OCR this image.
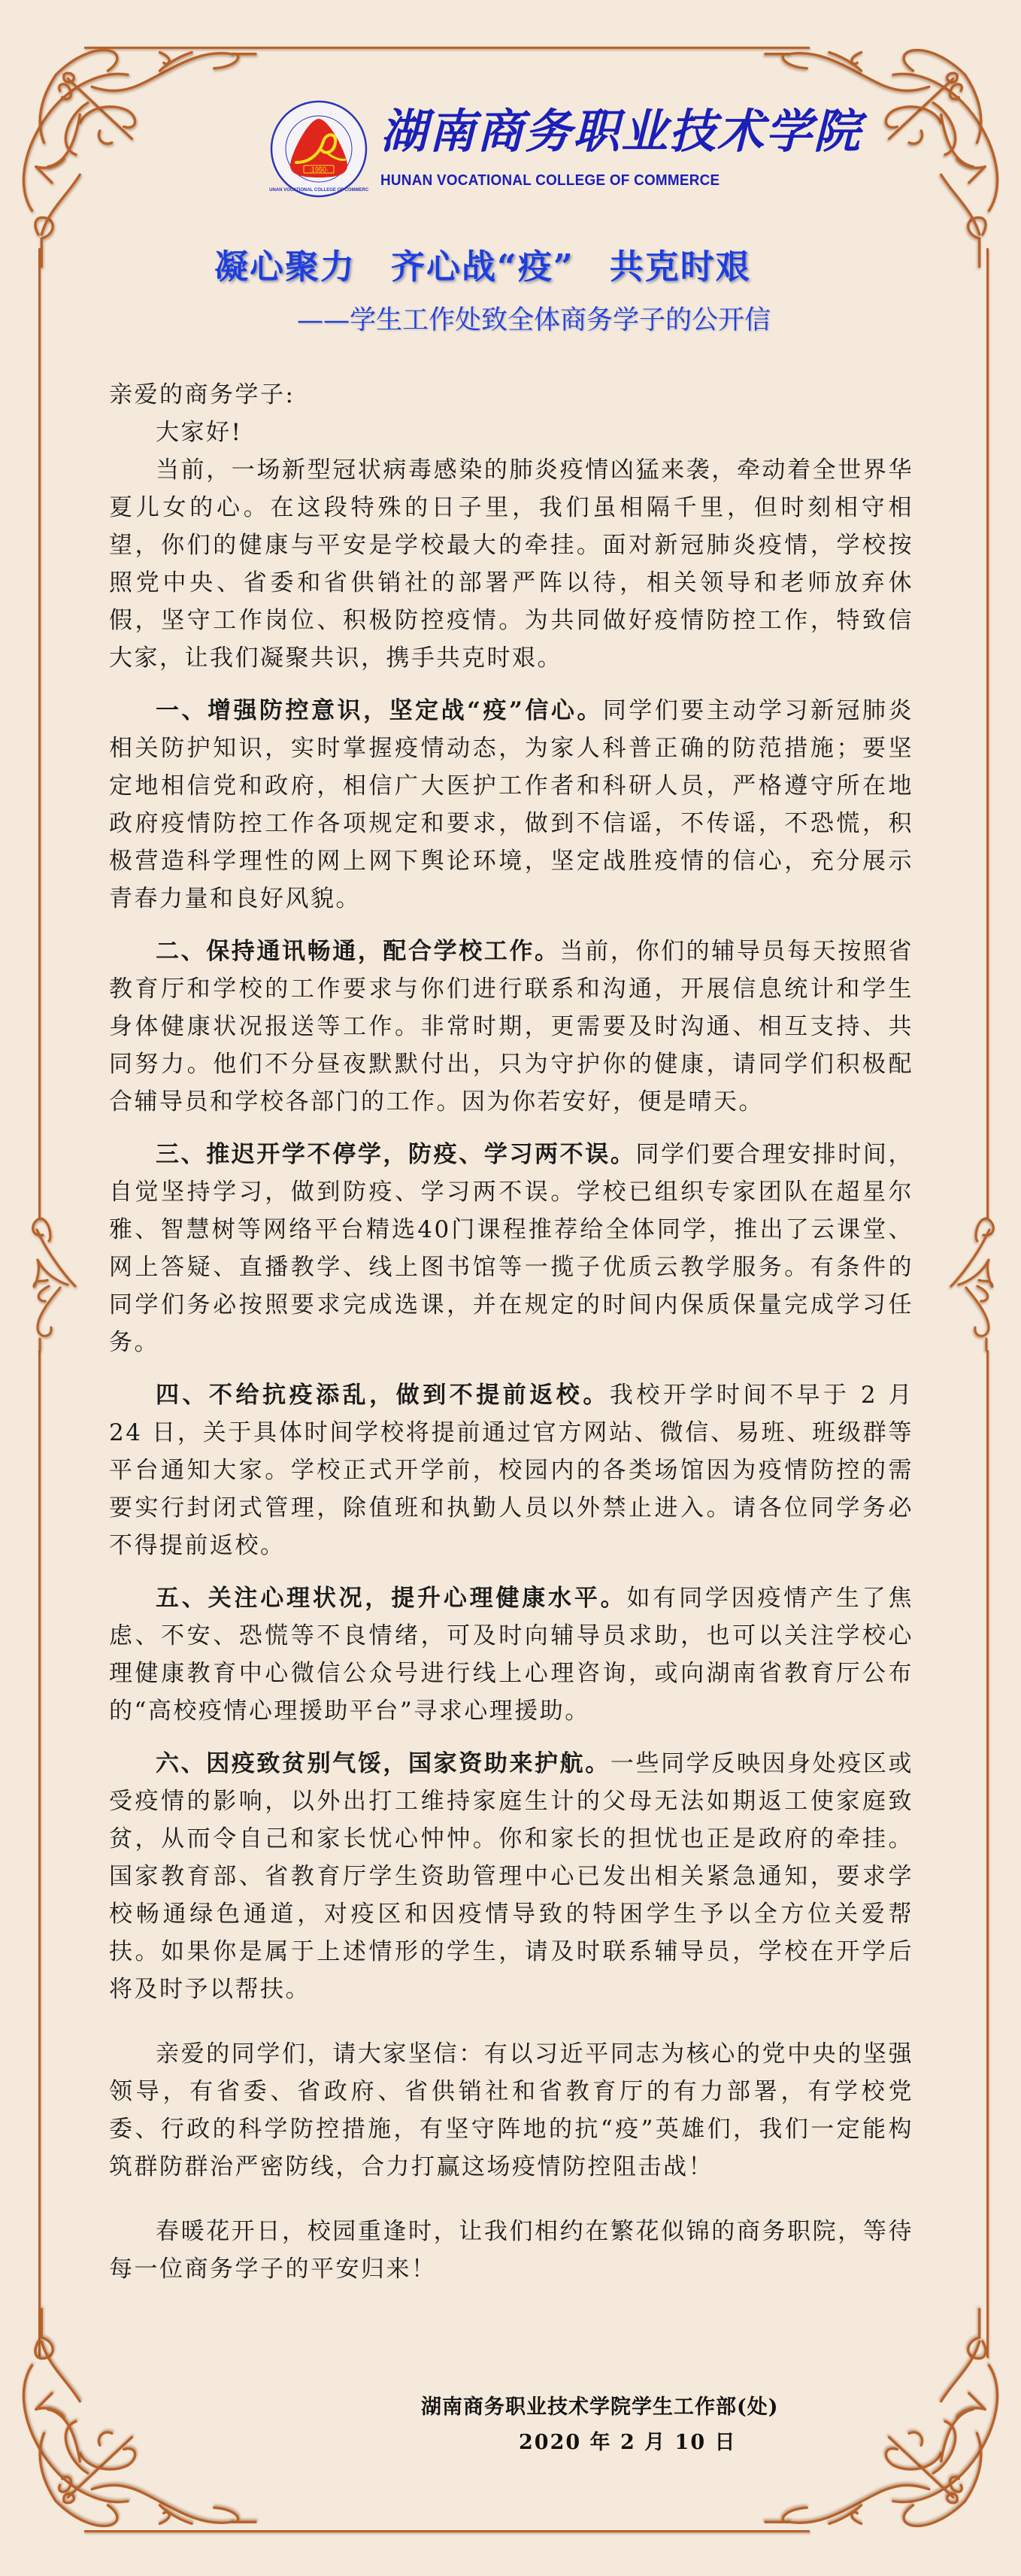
·1950·
HUNAN VOCATIONAL COLLEGE OF COMMERCE
湖南商务职业技术学院
HUNAN VOCATIONAL COLLEGE OF COMMERCE
凝心聚力　齐心战“疫”　共克时艰
——学生工作处致全体商务学子的公开信

亲爱的商务学子:

大家好!

当前，一场新型冠状病毒感染的肺炎疫情凶猛来袭，牵动着全世界华夏儿女的心。在这段特殊的日子里，我们虽相隔千里，但时刻相守相望，你们的健康与平安是学校最大的牵挂。面对新冠肺炎疫情，学校按照党中央、省委和省供销社的部署严阵以待，相关领导和老师放弃休假，坚守工作岗位、积极防控疫情。为共同做好疫情防控工作，特致信大家，让我们凝聚共识，携手共克时艰。

一、增强防控意识，坚定战“疫”信心。同学们要主动学习新冠肺炎相关防护知识，实时掌握疫情动态，为家人科普正确的防范措施；要坚定地相信党和政府，相信广大医护工作者和科研人员，严格遵守所在地政府疫情防控工作各项规定和要求，做到不信谣，不传谣，不恐慌，积极营造科学理性的网上网下舆论环境，坚定战胜疫情的信心，充分展示青春力量和良好风貌。

二、保持通讯畅通，配合学校工作。当前，你们的辅导员每天按照省教育厅和学校的工作要求与你们进行联系和沟通，开展信息统计和学生身体健康状况报送等工作。非常时期，更需要及时沟通、相互支持、共同努力。他们不分昼夜默默付出，只为守护你的健康，请同学们积极配合辅导员和学校各部门的工作。因为你若安好，便是晴天。

三、推迟开学不停学，防疫、学习两不误。同学们要合理安排时间，自觉坚持学习，做到防疫、学习两不误。学校已组织专家团队在超星尔雅、智慧树等网络平台精选40门课程推荐给全体同学，推出了云课堂、网上答疑、直播教学、线上图书馆等一揽子优质云教学服务。有条件的同学们务必按照要求完成选课，并在规定的时间内保质保量完成学习任务。

四、不给抗疫添乱，做到不提前返校。我校开学时间不早于 2 月 24 日，关于具体时间学校将提前通过官方网站、微信、易班、班级群等平台通知大家。学校正式开学前，校园内的各类场馆因为疫情防控的需要实行封闭式管理，除值班和执勤人员以外禁止进入。请各位同学务必不得提前返校。

五、关注心理状况，提升心理健康水平。如有同学因疫情产生了焦虑、不安、恐慌等不良情绪，可及时向辅导员求助，也可以关注学校心理健康教育中心微信公众号进行线上心理咨询，或向湖南省教育厅公布的“高校疫情心理援助平台”寻求心理援助。

六、因疫致贫别气馁，国家资助来护航。一些同学反映因身处疫区或受疫情的影响，以外出打工维持家庭生计的父母无法如期返工使家庭致贫，从而令自己和家长忧心忡忡。你和家长的担忧也正是政府的牵挂。国家教育部、省教育厅学生资助管理中心已发出相关紧急通知，要求学校畅通绿色通道，对疫区和因疫情导致的特困学生予以全方位关爱帮扶。如果你是属于上述情形的学生，请及时联系辅导员，学校在开学后将及时予以帮扶。

亲爱的同学们，请大家坚信：有以习近平同志为核心的党中央的坚强领导，有省委、省政府、省供销社和省教育厅的有力部署，有学校党委、行政的科学防控措施，有坚守阵地的抗“疫”英雄们，我们一定能构筑群防群治严密防线，合力打赢这场疫情防控阻击战！

春暖花开日，校园重逢时，让我们相约在繁花似锦的商务职院，等待每一位商务学子的平安归来！

湖南商务职业技术学院学生工作部(处)
2020 年 2 月 10 日
